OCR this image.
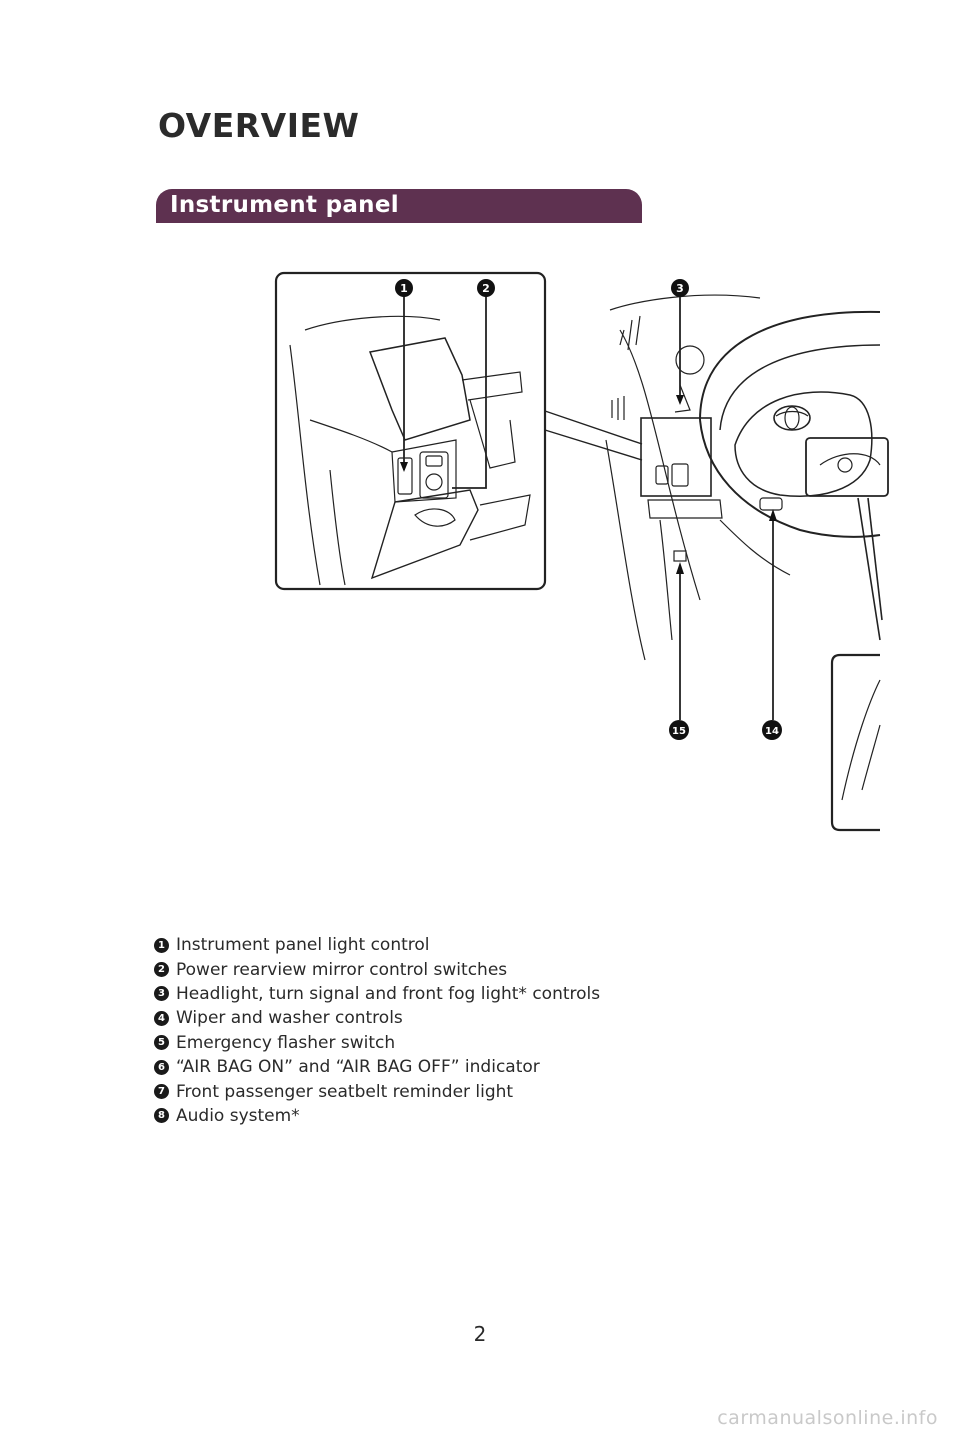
OVERVIEW
Instrument panel
1	2	3
15	14
1 Instrument panel light control
2 Power rearview mirror control switches
3 Headlight, turn signal and front fog light* controls
4 Wiper and washer controls
5 Emergency flasher switch
6 “AIR BAG ON” and “AIR BAG OFF” indicator
7 Front passenger seatbelt reminder light
8 Audio system*
2
carmanualsonline.info
